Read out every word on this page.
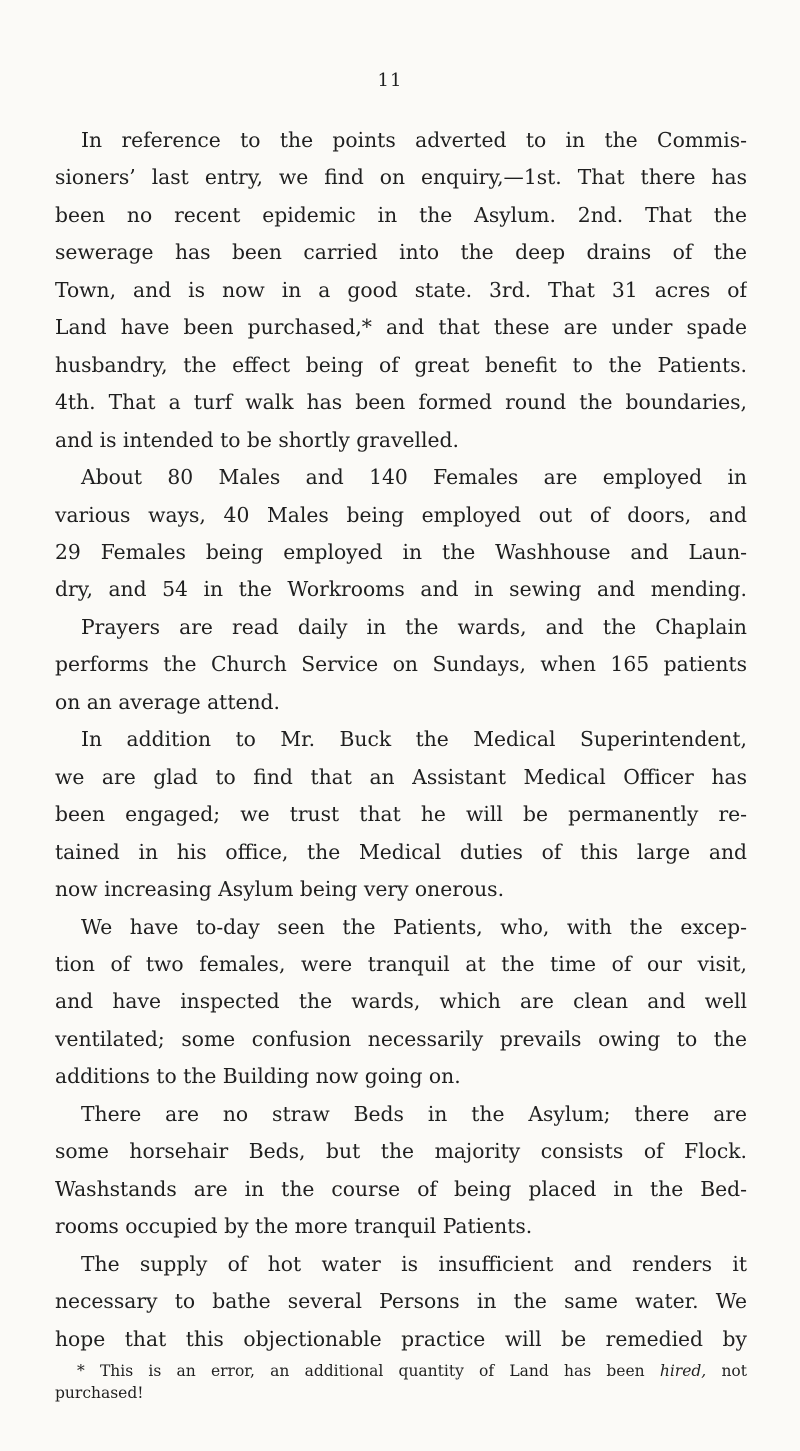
11
In reference to the points adverted to in the Commis-
sioners’ last entry, we find on enquiry,—1st. That there has
been no recent epidemic in the Asylum. 2nd. That the
sewerage has been carried into the deep drains of the
Town, and is now in a good state. 3rd. That 31 acres of
Land have been purchased,* and that these are under spade
husbandry, the effect being of great benefit to the Patients.
4th. That a turf walk has been formed round the boundaries,
and is intended to be shortly gravelled.
About 80 Males and 140 Females are employed in
various ways, 40 Males being employed out of doors, and
29 Females being employed in the Washhouse and Laun-
dry, and 54 in the Workrooms and in sewing and mending.
Prayers are read daily in the wards, and the Chaplain
performs the Church Service on Sundays, when 165 patients
on an average attend.
In addition to Mr. Buck the Medical Superintendent,
we are glad to find that an Assistant Medical Officer has
been engaged; we trust that he will be permanently re-
tained in his office, the Medical duties of this large and
now increasing Asylum being very onerous.
We have to-day seen the Patients, who, with the excep-
tion of two females, were tranquil at the time of our visit,
and have inspected the wards, which are clean and well
ventilated; some confusion necessarily prevails owing to the
additions to the Building now going on.
There are no straw Beds in the Asylum; there are
some horsehair Beds, but the majority consists of Flock.
Washstands are in the course of being placed in the Bed-
rooms occupied by the more tranquil Patients.
The supply of hot water is insufficient and renders it
necessary to bathe several Persons in the same water. We
hope that this objectionable practice will be remedied by
* This is an error, an additional quantity of Land has been hired, not
purchased!
